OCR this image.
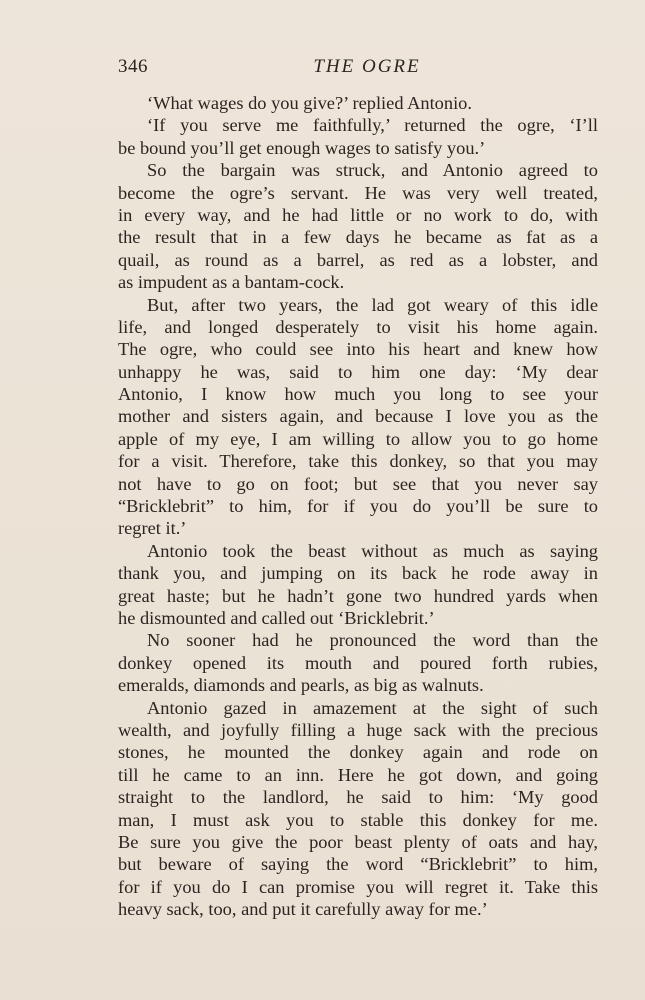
346	THE OGRE
‘What wages do you give?’ replied Antonio.
‘If you serve me faithfully,’ returned the ogre, ‘I’ll
be bound you’ll get enough wages to satisfy you.’
So the bargain was struck, and Antonio agreed to
become the ogre’s servant. He was very well treated,
in every way, and he had little or no work to do, with
the result that in a few days he became as fat as a
quail, as round as a barrel, as red as a lobster, and
as impudent as a bantam-cock.
But, after two years, the lad got weary of this idle
life, and longed desperately to visit his home again.
The ogre, who could see into his heart and knew how
unhappy he was, said to him one day: ‘My dear
Antonio, I know how much you long to see your
mother and sisters again, and because I love you as the
apple of my eye, I am willing to allow you to go home
for a visit. Therefore, take this donkey, so that you may
not have to go on foot; but see that you never say
“Bricklebrit” to him, for if you do you’ll be sure to
regret it.’
Antonio took the beast without as much as saying
thank you, and jumping on its back he rode away in
great haste; but he hadn’t gone two hundred yards when
he dismounted and called out ‘Bricklebrit.’
No sooner had he pronounced the word than the
donkey opened its mouth and poured forth rubies,
emeralds, diamonds and pearls, as big as walnuts.
Antonio gazed in amazement at the sight of such
wealth, and joyfully filling a huge sack with the precious
stones, he mounted the donkey again and rode on
till he came to an inn. Here he got down, and going
straight to the landlord, he said to him: ‘My good
man, I must ask you to stable this donkey for me.
Be sure you give the poor beast plenty of oats and hay,
but beware of saying the word “Bricklebrit” to him,
for if you do I can promise you will regret it. Take this
heavy sack, too, and put it carefully away for me.’
